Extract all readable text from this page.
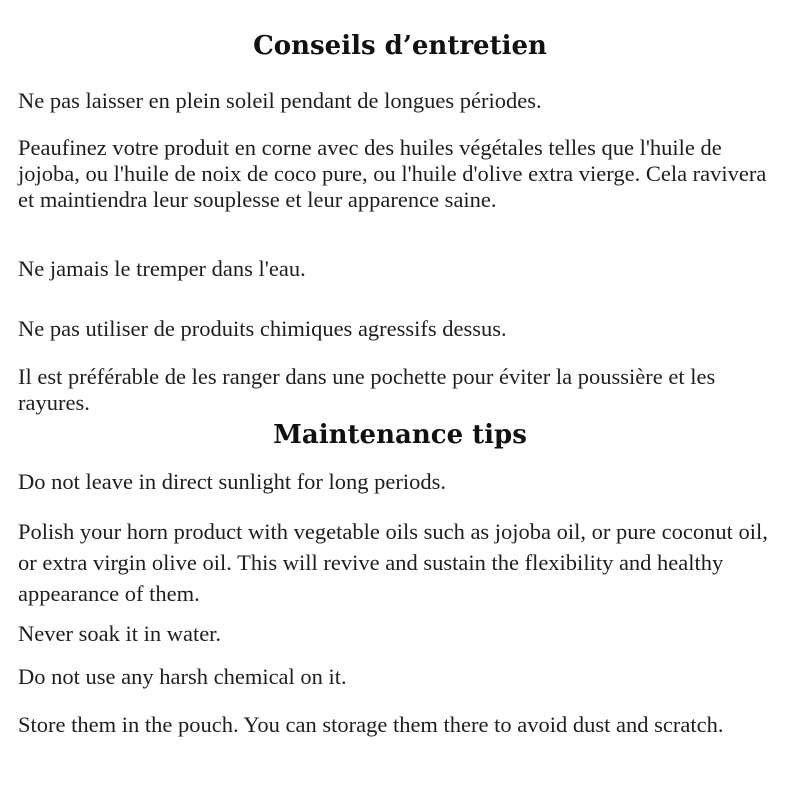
Conseils d’entretien

Ne pas laisser en plein soleil pendant de longues périodes.

Peaufinez votre produit en corne avec des huiles végétales telles que l'huile de jojoba, ou l'huile de noix de coco pure, ou l'huile d'olive extra vierge. Cela ravivera et maintiendra leur souplesse et leur apparence saine.

Ne jamais le tremper dans l'eau.

Ne pas utiliser de produits chimiques agressifs dessus.

Il est préférable de les ranger dans une pochette pour éviter la poussière et les rayures.

Maintenance tips

Do not leave in direct sunlight for long periods.

Polish your horn product with vegetable oils such as jojoba oil, or pure coconut oil, or extra virgin olive oil. This will revive and sustain the flexibility and healthy appearance of them.

Never soak it in water.

Do not use any harsh chemical on it.

Store them in the pouch. You can storage them there to avoid dust and scratch.
